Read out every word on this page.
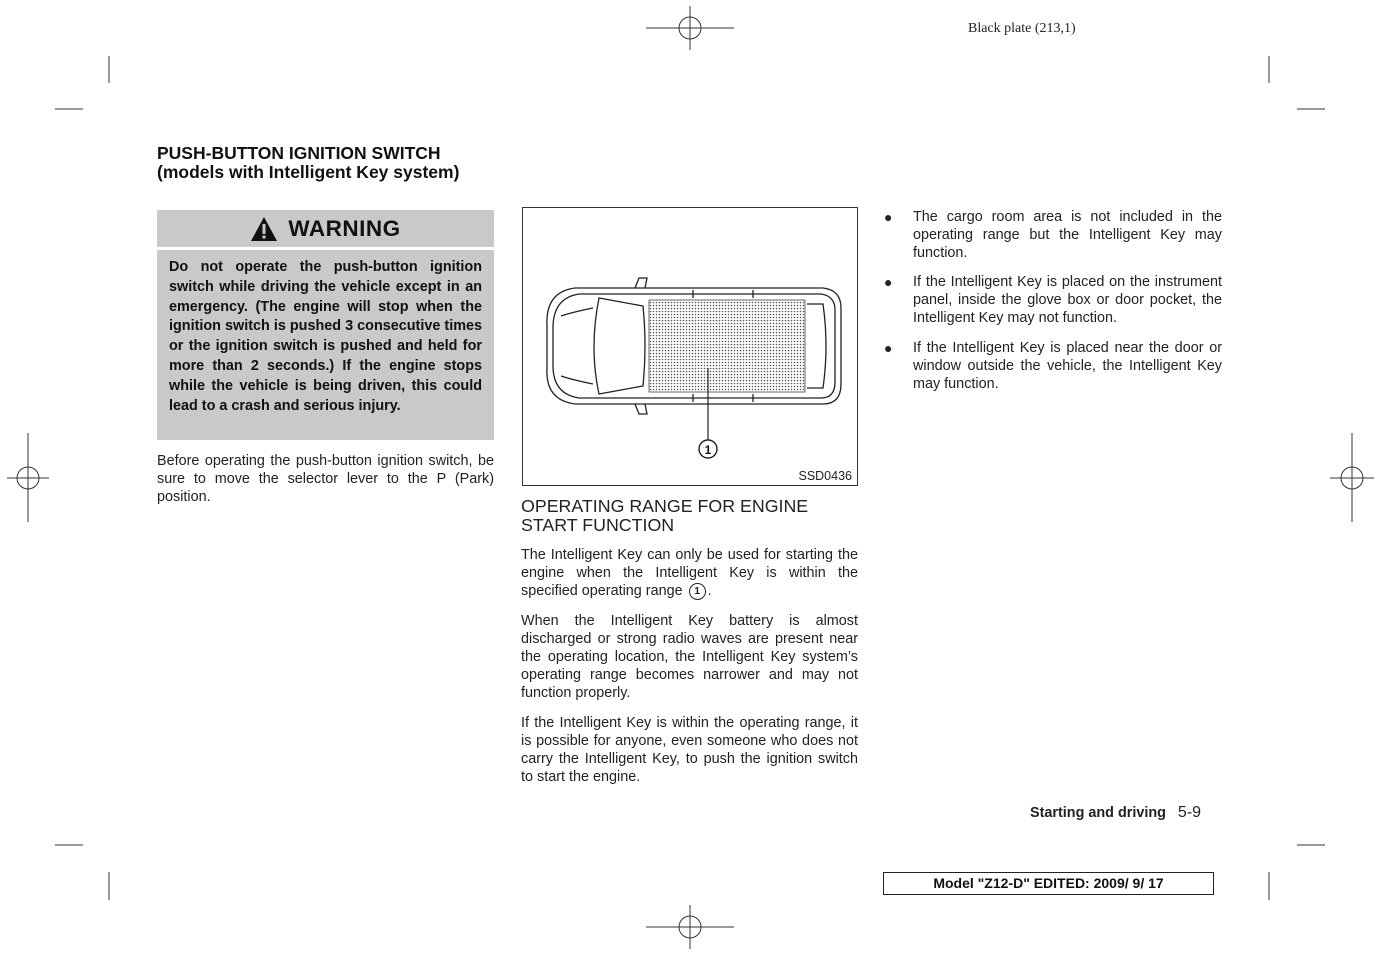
Black plate (213,1)
PUSH-BUTTON IGNITION SWITCH
(models with Intelligent Key system)
WARNING
Do not operate the push-button ignition switch while driving the vehicle except in an emergency. (The engine will stop when the ignition switch is pushed 3 consecutive times or the ignition switch is pushed and held for more than 2 seconds.) If the engine stops while the vehicle is being driven, this could lead to a crash and serious injury.
Before operating the push-button ignition switch, be sure to move the selector lever to the P (Park) position.
1
SSD0436
OPERATING RANGE FOR ENGINE START FUNCTION
The Intelligent Key can only be used for starting the engine when the Intelligent Key is within the specified operating range 1 .
When the Intelligent Key battery is almost discharged or strong radio waves are present near the operating location, the Intelligent Key system’s operating range becomes narrower and may not function properly.
If the Intelligent Key is within the operating range, it is possible for anyone, even someone who does not carry the Intelligent Key, to push the ignition switch to start the engine.
● The cargo room area is not included in the operating range but the Intelligent Key may function.
● If the Intelligent Key is placed on the instrument panel, inside the glove box or door pocket, the Intelligent Key may not function.
● If the Intelligent Key is placed near the door or window outside the vehicle, the Intelligent Key may function.
Starting and driving 5-9
Model "Z12-D" EDITED: 2009/ 9/ 17
